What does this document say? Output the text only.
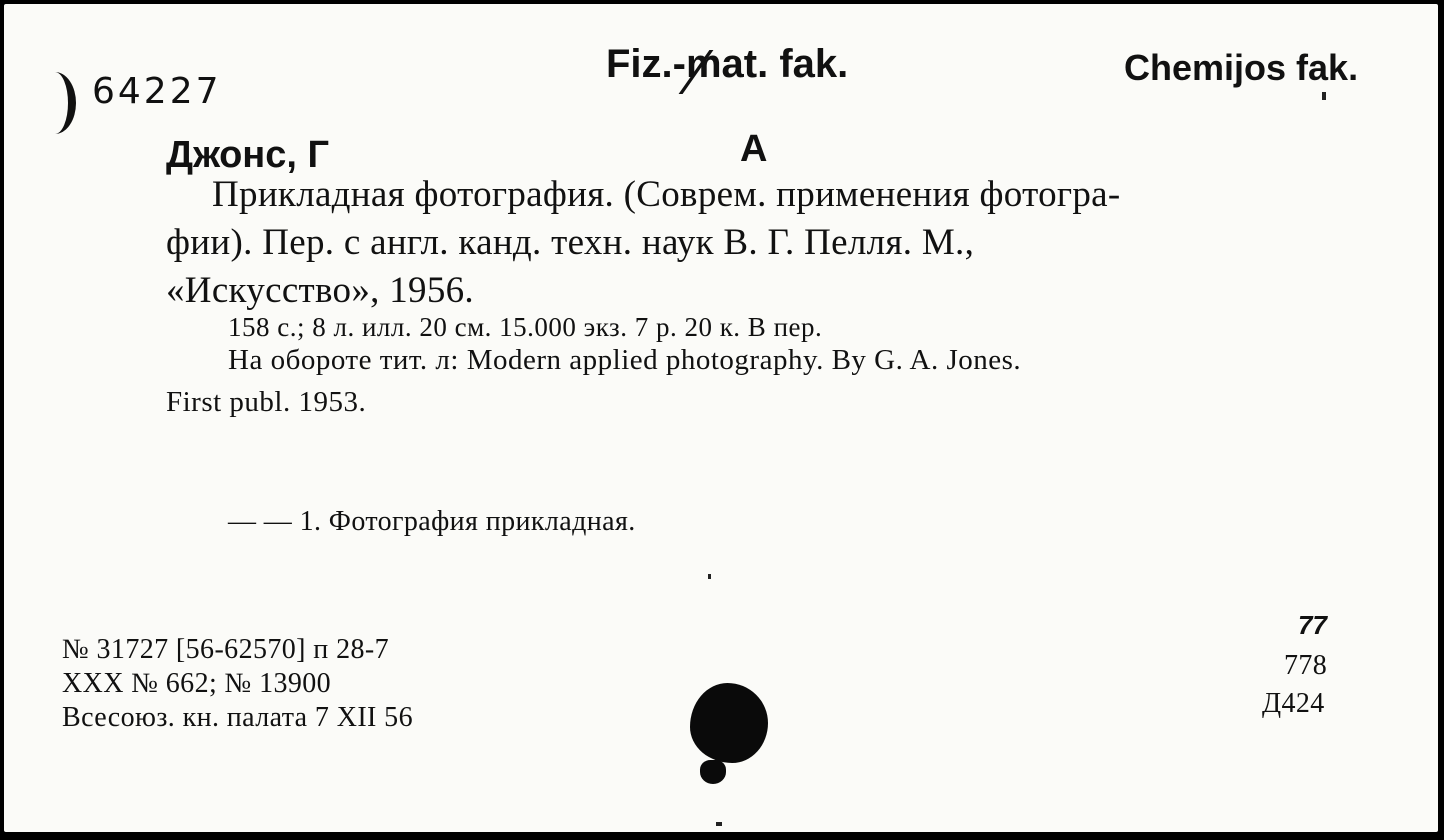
64227
Fiz.-mat. fak.	Chemijos fak.
Джонс, Г	А
Прикладная фотография. (Соврем. применения фотогра-
фии). Пер. с англ. канд. техн. наук В. Г. Пелля. М.,
«Искусство», 1956.
158 с.; 8 л. илл. 20 см. 15.000 экз. 7 р. 20 к. В пер.
На обороте тит. л: Modern applied photography. By G. A. Jones.
First publ. 1953.
— — 1. Фотография прикладная.
№ 31727 [56-62570] п 28-7
XXX № 662; № 13900
Всесоюз. кн. палата 7 XII 56
77
778
Д424
